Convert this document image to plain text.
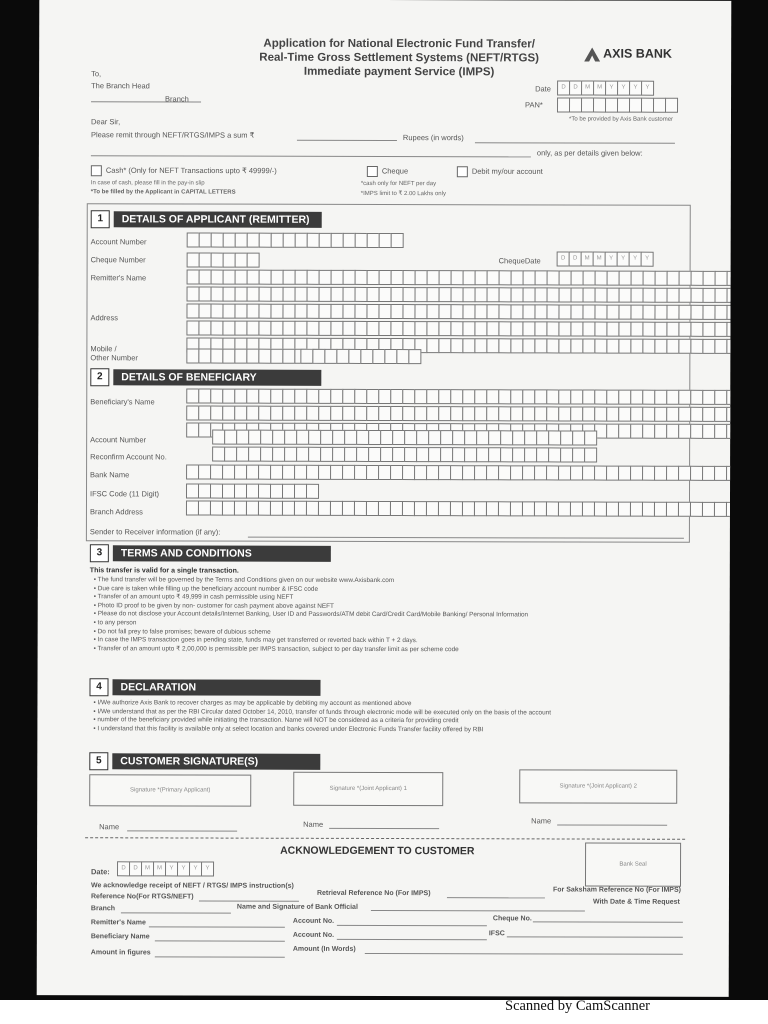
Application for National Electronic Fund Transfer/
Real-Time Gross Settlement Systems (NEFT/RTGS)
Immediate payment Service (IMPS)
AXIS BANK
To,
The Branch Head
Branch
Date	D	D	M	M	Y	Y	Y	Y
PAN*
*To be provided by Axis Bank customer
Dear Sir,
Please remit through NEFT/RTGS/IMPS a sum ₹	Rupees (in words)
only, as per details given below:
Cash* (Only for NEFT Transactions upto ₹ 49999/-)	Cheque	Debit my/our account
In case of cash, please fill in the pay-in slip
*To be filled by the Applicant in CAPITAL LETTERS
*cash only for NEFT per day
*IMPS limit to ₹ 2.00 Lakhs only
1	DETAILS OF APPLICANT (REMITTER)
Account Number
Cheque Number	ChequeDate	D	D	M	M	Y	Y	Y	Y
Remitter's Name
Address
Mobile /
Other Number
2	DETAILS OF BENEFICIARY
Beneficiary's Name
Account Number
Reconfirm Account No.
Bank Name
IFSC Code (11 Digit)
Branch Address
Sender to Receiver information (if any):
3	TERMS AND CONDITIONS
This transfer is valid for a single transaction.
• The fund transfer will be governed by the Terms and Conditions given on our website www.Axisbank.com
• Due care is taken while filling up the beneficiary account number & IFSC code
• Transfer of an amount upto ₹ 49,999 in cash permissible using NEFT
• Photo ID proof to be given by non- customer for cash payment above against NEFT
• Please do not disclose your Account details/Internet Banking, User ID and Passwords/ATM debit Card/Credit Card/Mobile Banking/ Personal Information
• to any person
• Do not fall prey to false promises; beware of dubious scheme
• In case the IMPS transaction goes in pending state, funds may get transferred or reverted back within T + 2 days.
• Transfer of an amount upto ₹ 2,00,000 is permissible per IMPS transaction, subject to per day transfer limit as per scheme code
4	DECLARATION
• I/We authorize Axis Bank to recover charges as may be applicable by debiting my account as mentioned above
• I/We understand that as per the RBI Circular dated October 14, 2010, transfer of funds through electronic mode will be executed only on the basis of the account
• number of the beneficiary provided while initiating the transaction. Name will NOT be considered as a criteria for providing credit
• I understand that this facility is available only at select location and banks covered under Electronic Funds Transfer facility offered by RBI
5	CUSTOMER SIGNATURE(S)
Signature *(Primary Applicant)	Signature *(Joint Applicant) 1	Signature *(Joint Applicant) 2
Name	Name	Name
ACKNOWLEDGEMENT TO CUSTOMER
Bank Seal
Date:	D	D	M	M	Y	Y	Y	Y
We acknowledge receipt of NEFT / RTGS/ IMPS instruction(s)
Reference No(For RTGS/NEFT)	Retrieval Reference No (For IMPS)	For Saksham Reference No (For IMPS)
With Date & Time Request
Branch	Name and Signature of Bank Official
Remitter's Name	Account No.	Cheque No.
Beneficiary Name	Account No.	IFSC
Amount in figures	Amount (In Words)
Scanned by CamScanner
